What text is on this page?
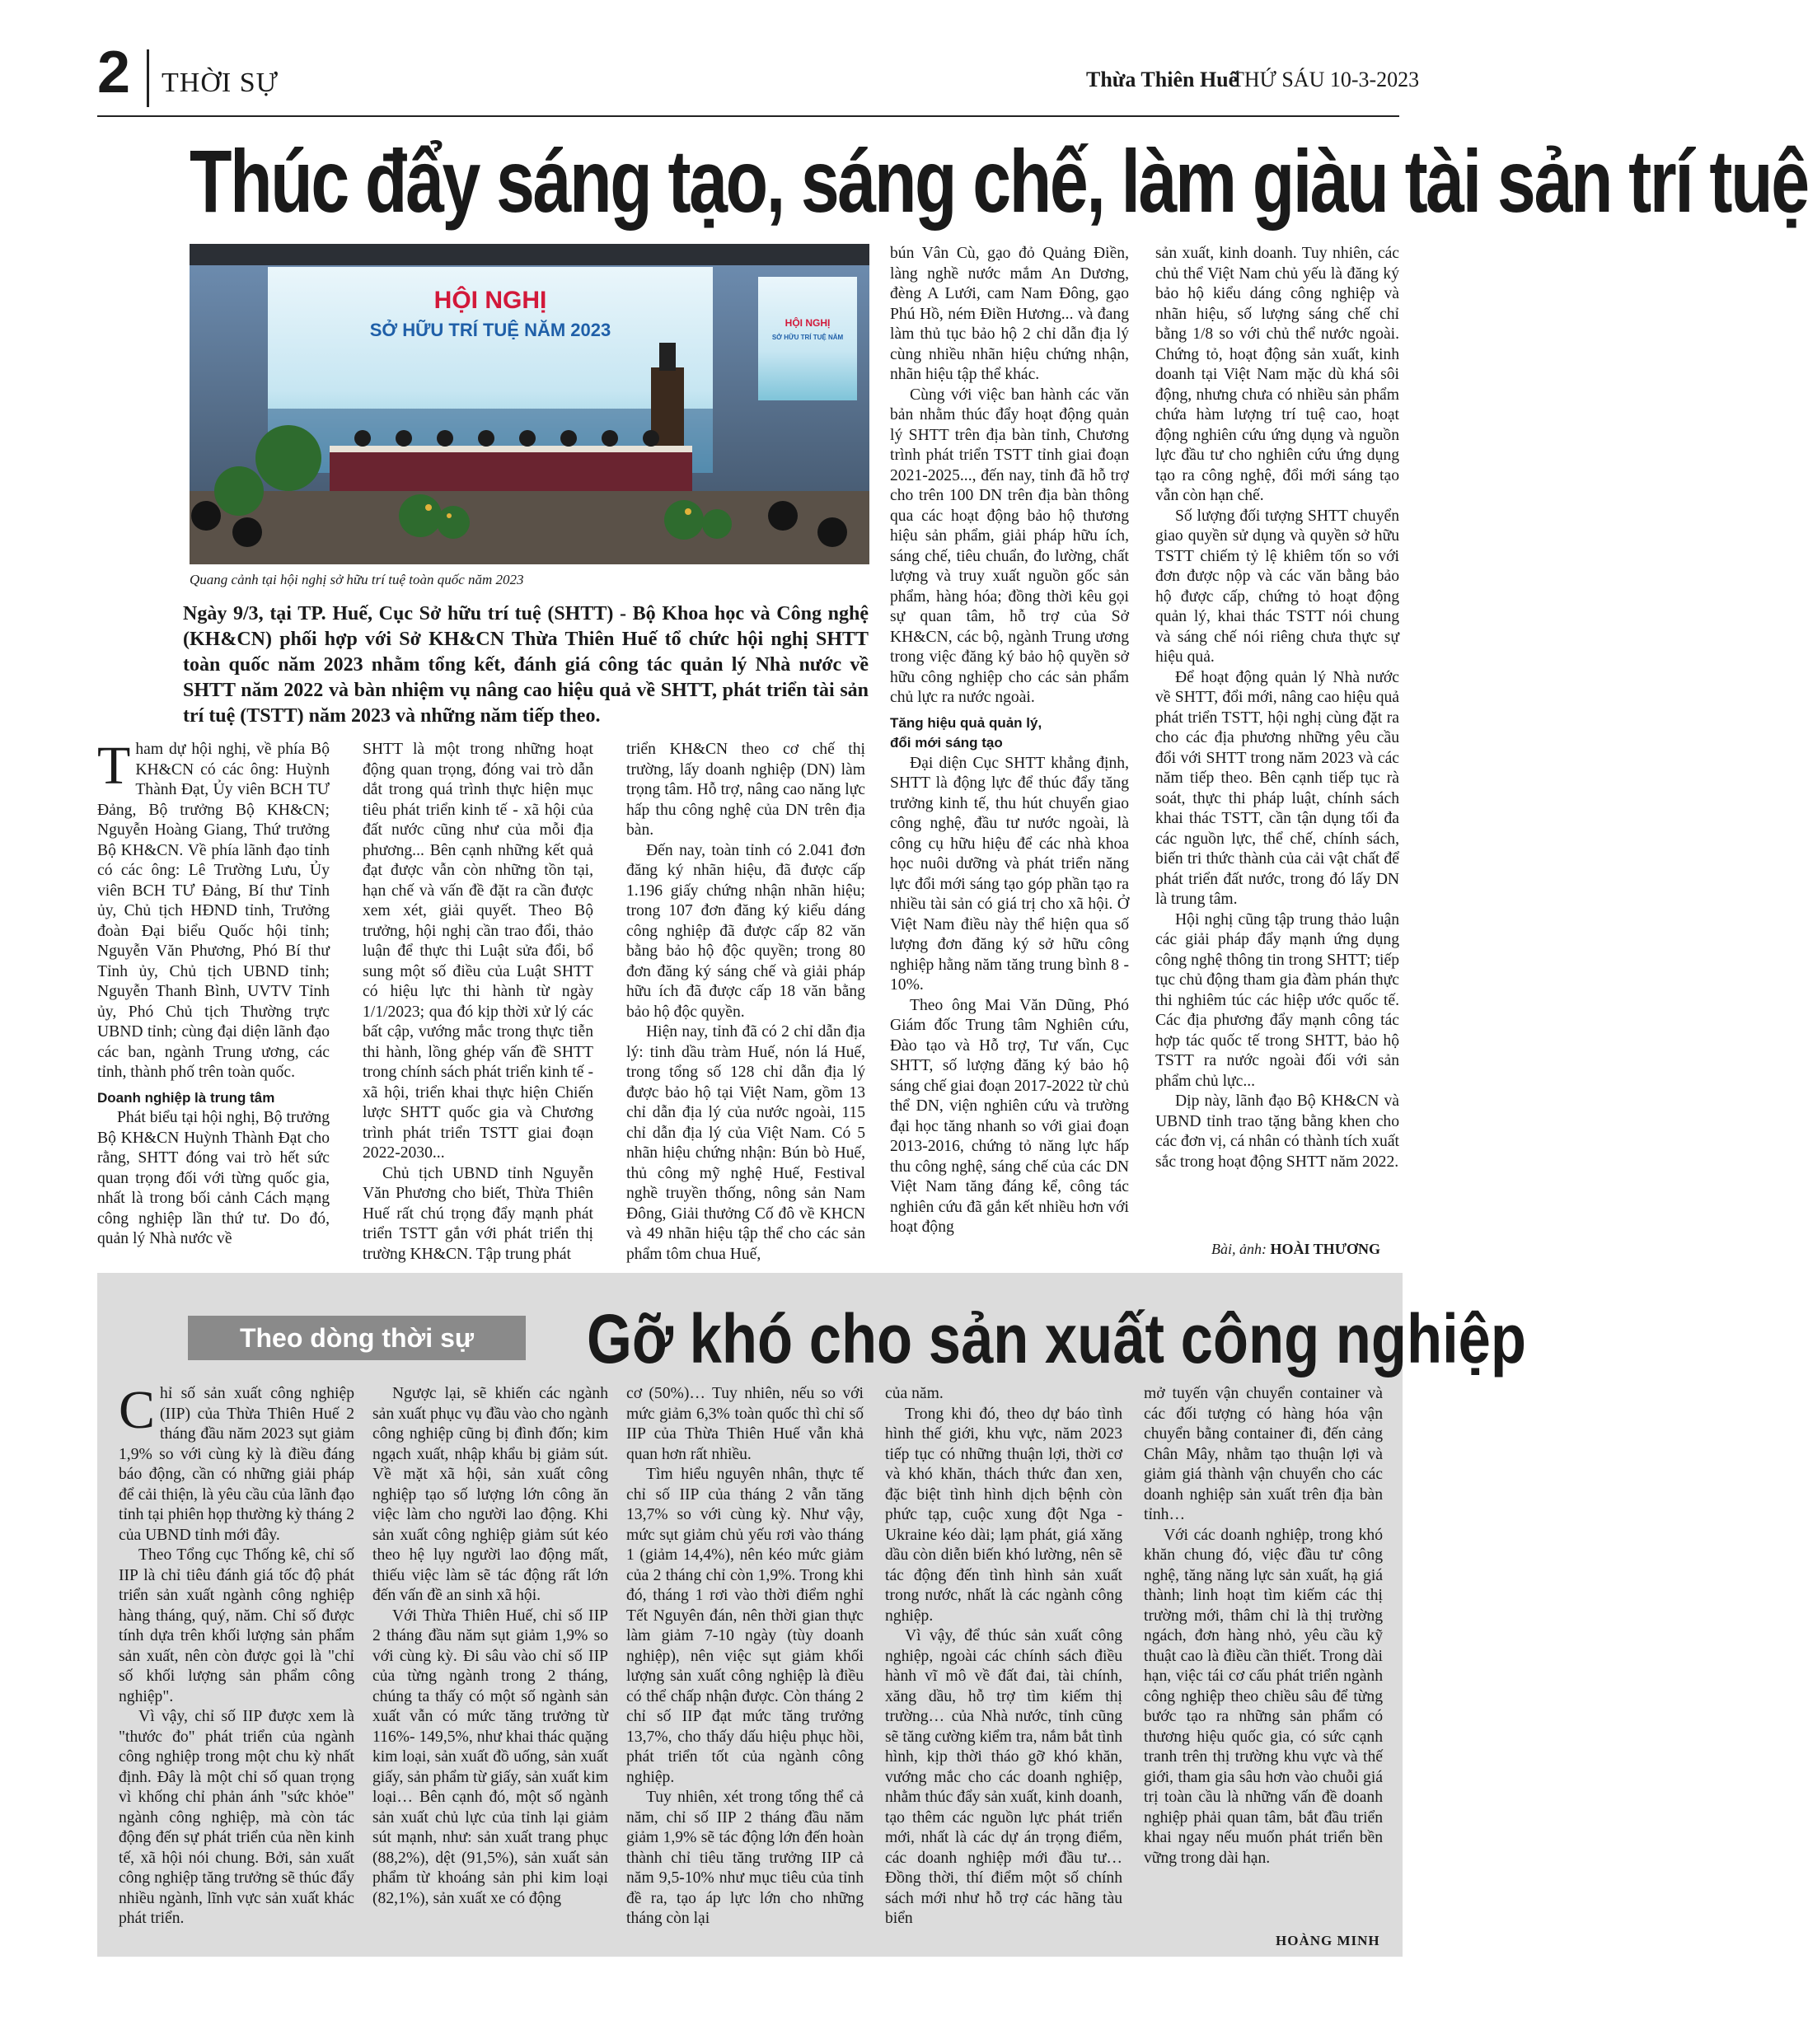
2 THỜI SỰ	Thừa Thiên Huế
THỨ SÁU 10-3-2023
Thúc đẩy sáng tạo, sáng chế, làm giàu tài sản trí tuệ
HỘI NGHỊ
SỞ HỮU TRÍ TUỆ NĂM 2023	HỘI NGHỊ
SỞ HỮU TRÍ TUỆ NĂM
Quang cảnh tại hội nghị sở hữu trí tuệ toàn quốc năm 2023
Ngày 9/3, tại TP. Huế, Cục Sở hữu trí tuệ (SHTT) - Bộ Khoa học và Công nghệ (KH&CN) phối hợp với Sở KH&CN Thừa Thiên Huế tổ chức hội nghị SHTT toàn quốc năm 2023 nhằm tổng kết, đánh giá công tác quản lý Nhà nước về SHTT năm 2022 và bàn nhiệm vụ nâng cao hiệu quả về SHTT, phát triển tài sản trí tuệ (TSTT) năm 2023 và những năm tiếp theo.

Tham dự hội nghị, về phía Bộ KH&CN có các ông: Huỳnh Thành Đạt, Ủy viên BCH TƯ Đảng, Bộ trưởng Bộ KH&CN; Nguyễn Hoàng Giang, Thứ trưởng Bộ KH&CN. Về phía lãnh đạo tỉnh có các ông: Lê Trường Lưu, Ủy viên BCH TƯ Đảng, Bí thư Tỉnh ủy, Chủ tịch HĐND tỉnh, Trưởng đoàn Đại biểu Quốc hội tỉnh; Nguyễn Văn Phương, Phó Bí thư Tỉnh ủy, Chủ tịch UBND tỉnh; Nguyễn Thanh Bình, UVTV Tỉnh ủy, Phó Chủ tịch Thường trực UBND tỉnh; cùng đại diện lãnh đạo các ban, ngành Trung ương, các tỉnh, thành phố trên toàn quốc.

Doanh nghiệp là trung tâm

Phát biểu tại hội nghị, Bộ trưởng Bộ KH&CN Huỳnh Thành Đạt cho rằng, SHTT đóng vai trò hết sức quan trọng đối với từng quốc gia, nhất là trong bối cảnh Cách mạng công nghiệp lần thứ tư. Do đó, quản lý Nhà nước về

SHTT là một trong những hoạt động quan trọng, đóng vai trò dẫn dắt trong quá trình thực hiện mục tiêu phát triển kinh tế - xã hội của đất nước cũng như của mỗi địa phương... Bên cạnh những kết quả đạt được vẫn còn những tồn tại, hạn chế và vấn đề đặt ra cần được xem xét, giải quyết. Theo Bộ trưởng, hội nghị cần trao đổi, thảo luận để thực thi Luật sửa đổi, bổ sung một số điều của Luật SHTT có hiệu lực thi hành từ ngày 1/1/2023; qua đó kịp thời xử lý các bất cập, vướng mắc trong thực tiễn thi hành, lồng ghép vấn đề SHTT trong chính sách phát triển kinh tế - xã hội, triển khai thực hiện Chiến lược SHTT quốc gia và Chương trình phát triển TSTT giai đoạn 2022-2030...

Chủ tịch UBND tỉnh Nguyễn Văn Phương cho biết, Thừa Thiên Huế rất chú trọng đẩy mạnh phát triển TSTT gắn với phát triển thị trường KH&CN. Tập trung phát

triển KH&CN theo cơ chế thị trường, lấy doanh nghiệp (DN) làm trọng tâm. Hỗ trợ, nâng cao năng lực hấp thu công nghệ của DN trên địa bàn.

Đến nay, toàn tỉnh có 2.041 đơn đăng ký nhãn hiệu, đã được cấp 1.196 giấy chứng nhận nhãn hiệu; trong 107 đơn đăng ký kiểu dáng công nghiệp đã được cấp 82 văn bằng bảo hộ độc quyền; trong 80 đơn đăng ký sáng chế và giải pháp hữu ích đã được cấp 18 văn bằng bảo hộ độc quyền.

Hiện nay, tỉnh đã có 2 chỉ dẫn địa lý: tinh dầu tràm Huế, nón lá Huế, trong tổng số 128 chỉ dẫn địa lý được bảo hộ tại Việt Nam, gồm 13 chỉ dẫn địa lý của nước ngoài, 115 chỉ dẫn địa lý của Việt Nam. Có 5 nhãn hiệu chứng nhận: Bún bò Huế, thủ công mỹ nghệ Huế, Festival nghề truyền thống, nông sản Nam Đông, Giải thưởng Cố đô về KHCN và 49 nhãn hiệu tập thể cho các sản phẩm tôm chua Huế,

bún Vân Cù, gạo đỏ Quảng Điền, làng nghề nước mắm An Dương, đèng A Lưới, cam Nam Đông, gạo Phú Hồ, ném Điền Hương... và đang làm thủ tục bảo hộ 2 chỉ dẫn địa lý cùng nhiều nhãn hiệu chứng nhận, nhãn hiệu tập thể khác.

Cùng với việc ban hành các văn bản nhằm thúc đẩy hoạt động quản lý SHTT trên địa bàn tỉnh, Chương trình phát triển TSTT tỉnh giai đoạn 2021-2025..., đến nay, tỉnh đã hỗ trợ cho trên 100 DN trên địa bàn thông qua các hoạt động bảo hộ thương hiệu sản phẩm, giải pháp hữu ích, sáng chế, tiêu chuẩn, đo lường, chất lượng và truy xuất nguồn gốc sản phẩm, hàng hóa; đồng thời kêu gọi sự quan tâm, hỗ trợ của Sở KH&CN, các bộ, ngành Trung ương trong việc đăng ký bảo hộ quyền sở hữu công nghiệp cho các sản phẩm chủ lực ra nước ngoài.

Tăng hiệu quả quản lý,

đổi mới sáng tạo

Đại diện Cục SHTT khẳng định, SHTT là động lực để thúc đẩy tăng trưởng kinh tế, thu hút chuyển giao công nghệ, đầu tư nước ngoài, là công cụ hữu hiệu để các nhà khoa học nuôi dưỡng và phát triển năng lực đổi mới sáng tạo góp phần tạo ra nhiều tài sản có giá trị cho xã hội. Ở Việt Nam điều này thể hiện qua số lượng đơn đăng ký sở hữu công nghiệp hằng năm tăng trung bình 8 - 10%.

Theo ông Mai Văn Dũng, Phó Giám đốc Trung tâm Nghiên cứu, Đào tạo và Hỗ trợ, Tư vấn, Cục SHTT, số lượng đăng ký bảo hộ sáng chế giai đoạn 2017-2022 từ chủ thể DN, viện nghiên cứu và trường đại học tăng nhanh so với giai đoạn 2013-2016, chứng tỏ năng lực hấp thu công nghệ, sáng chế của các DN Việt Nam tăng đáng kể, công tác nghiên cứu đã gắn kết nhiều hơn với hoạt động

sản xuất, kinh doanh. Tuy nhiên, các chủ thể Việt Nam chủ yếu là đăng ký bảo hộ kiểu dáng công nghiệp và nhãn hiệu, số lượng sáng chế chỉ bằng 1/8 so với chủ thể nước ngoài. Chứng tỏ, hoạt động sản xuất, kinh doanh tại Việt Nam mặc dù khá sôi động, nhưng chưa có nhiều sản phẩm chứa hàm lượng trí tuệ cao, hoạt động nghiên cứu ứng dụng và nguồn lực đầu tư cho nghiên cứu ứng dụng tạo ra công nghệ, đổi mới sáng tạo vẫn còn hạn chế.

Số lượng đối tượng SHTT chuyển giao quyền sử dụng và quyền sở hữu TSTT chiếm tỷ lệ khiêm tốn so với đơn được nộp và các văn bằng bảo hộ được cấp, chứng tỏ hoạt động quản lý, khai thác TSTT nói chung và sáng chế nói riêng chưa thực sự hiệu quả.

Để hoạt động quản lý Nhà nước về SHTT, đổi mới, nâng cao hiệu quả phát triển TSTT, hội nghị cùng đặt ra cho các địa phương những yêu cầu đổi với SHTT trong năm 2023 và các năm tiếp theo. Bên cạnh tiếp tục rà soát, thực thi pháp luật, chính sách khai thác TSTT, cần tận dụng tối đa các nguồn lực, thể chế, chính sách, biến tri thức thành của cải vật chất để phát triển đất nước, trong đó lấy DN là trung tâm.

Hội nghị cũng tập trung thảo luận các giải pháp đẩy mạnh ứng dụng công nghệ thông tin trong SHTT; tiếp tục chủ động tham gia đàm phán thực thi nghiêm túc các hiệp ước quốc tế. Các địa phương đẩy mạnh công tác hợp tác quốc tế trong SHTT, bảo hộ TSTT ra nước ngoài đối với sản phẩm chủ lực...

Dịp này, lãnh đạo Bộ KH&CN và UBND tỉnh trao tặng bằng khen cho các đơn vị, cá nhân có thành tích xuất sắc trong hoạt động SHTT năm 2022.

Bài, ảnh: HOÀI THƯƠNG
Theo dòng thời sự	Gỡ khó cho sản xuất công nghiệp

Chỉ số sản xuất công nghiệp (IIP) của Thừa Thiên Huế 2 tháng đầu năm 2023 sụt giảm 1,9% so với cùng kỳ là điều đáng báo động, cần có những giải pháp để cải thiện, là yêu cầu của lãnh đạo tỉnh tại phiên họp thường kỳ tháng 2 của UBND tỉnh mới đây.

Theo Tổng cục Thống kê, chỉ số IIP là chỉ tiêu đánh giá tốc độ phát triển sản xuất ngành công nghiệp hàng tháng, quý, năm. Chỉ số được tính dựa trên khối lượng sản phẩm sản xuất, nên còn được gọi là "chỉ số khối lượng sản phẩm công nghiệp".

Vì vậy, chỉ số IIP được xem là "thước đo" phát triển của ngành công nghiệp trong một chu kỳ nhất định. Đây là một chỉ số quan trọng vì khống chỉ phản ánh "sức khỏe" ngành công nghiệp, mà còn tác động đến sự phát triển của nền kinh tế, xã hội nói chung. Bởi, sản xuất công nghiệp tăng trưởng sẽ thúc đẩy nhiều ngành, lĩnh vực sản xuất khác phát triển.

Ngược lại, sẽ khiến các ngành sản xuất phục vụ đầu vào cho ngành công nghiệp cũng bị đình đốn; kim ngạch xuất, nhập khẩu bị giảm sút. Về mặt xã hội, sản xuất công nghiệp tạo số lượng lớn công ăn việc làm cho người lao động. Khi sản xuất công nghiệp giảm sút kéo theo hệ lụy người lao động mất, thiếu việc làm sẽ tác động rất lớn đến vấn đề an sinh xã hội.

Với Thừa Thiên Huế, chỉ số IIP 2 tháng đầu năm sụt giảm 1,9% so với cùng kỳ. Đi sâu vào chỉ số IIP của từng ngành trong 2 tháng, chúng ta thấy có một số ngành sản xuất vẫn có mức tăng trưởng từ 116%- 149,5%, như khai thác quặng kim loại, sản xuất đồ uống, sản xuất giấy, sản phẩm từ giấy, sản xuất kim loại… Bên cạnh đó, một số ngành sản xuất chủ lực của tỉnh lại giảm sút mạnh, như: sản xuất trang phục (88,2%), dệt (91,5%), sản xuất sản phẩm từ khoáng sản phi kim loại (82,1%), sản xuất xe có động

cơ (50%)… Tuy nhiên, nếu so với mức giảm 6,3% toàn quốc thì chỉ số IIP của Thừa Thiên Huế vẫn khả quan hơn rất nhiều.

Tìm hiểu nguyên nhân, thực tế chỉ số IIP của tháng 2 vẫn tăng 13,7% so với cùng kỳ. Như vậy, mức sụt giảm chủ yếu rơi vào tháng 1 (giảm 14,4%), nên kéo mức giảm của 2 tháng chỉ còn 1,9%. Trong khi đó, tháng 1 rơi vào thời điểm nghỉ Tết Nguyên đán, nên thời gian thực làm giảm 7-10 ngày (tùy doanh nghiệp), nên việc sụt giảm khối lượng sản xuất công nghiệp là điều có thể chấp nhận được. Còn tháng 2 chỉ số IIP đạt mức tăng trưởng 13,7%, cho thấy dấu hiệu phục hồi, phát triển tốt của ngành công nghiệp.

Tuy nhiên, xét trong tổng thể cả năm, chỉ số IIP 2 tháng đầu năm giảm 1,9% sẽ tác động lớn đến hoàn thành chỉ tiêu tăng trưởng IIP cả năm 9,5-10% như mục tiêu của tỉnh đề ra, tạo áp lực lớn cho những tháng còn lại

của năm.

Trong khi đó, theo dự báo tình hình thế giới, khu vực, năm 2023 tiếp tục có những thuận lợi, thời cơ và khó khăn, thách thức đan xen, đặc biệt tình hình dịch bệnh còn phức tạp, cuộc xung đột Nga - Ukraine kéo dài; lạm phát, giá xăng dầu còn diễn biến khó lường, nên sẽ tác động đến tình hình sản xuất trong nước, nhất là các ngành công nghiệp.

Vì vậy, để thúc sản xuất công nghiệp, ngoài các chính sách điều hành vĩ mô về đất đai, tài chính, xăng dầu, hỗ trợ tìm kiếm thị trường… của Nhà nước, tỉnh cũng sẽ tăng cường kiểm tra, nắm bắt tình hình, kịp thời tháo gỡ khó khăn, vướng mắc cho các doanh nghiệp, nhằm thúc đẩy sản xuất, kinh doanh, tạo thêm các nguồn lực phát triển mới, nhất là các dự án trọng điểm, các doanh nghiệp mới đầu tư… Đồng thời, thí điểm một số chính sách mới như hỗ trợ các hãng tàu biển

mở tuyến vận chuyển container và các đối tượng có hàng hóa vận chuyển bằng container đi, đến cảng Chân Mây, nhằm tạo thuận lợi và giảm giá thành vận chuyển cho các doanh nghiệp sản xuất trên địa bàn tỉnh…

Với các doanh nghiệp, trong khó khăn chung đó, việc đầu tư công nghệ, tăng năng lực sản xuất, hạ giá thành; linh hoạt tìm kiếm các thị trường mới, thâm chỉ là thị trường ngách, đơn hàng nhỏ, yêu cầu kỹ thuật cao là điều cần thiết. Trong dài hạn, việc tái cơ cấu phát triển ngành công nghiệp theo chiều sâu để từng bước tạo ra những sản phẩm có thương hiệu quốc gia, có sức cạnh tranh trên thị trường khu vực và thế giới, tham gia sâu hơn vào chuỗi giá trị toàn cầu là những vấn đề doanh nghiệp phải quan tâm, bắt đầu triển khai ngay nếu muốn phát triển bền vững trong dài hạn.

HOÀNG MINH
